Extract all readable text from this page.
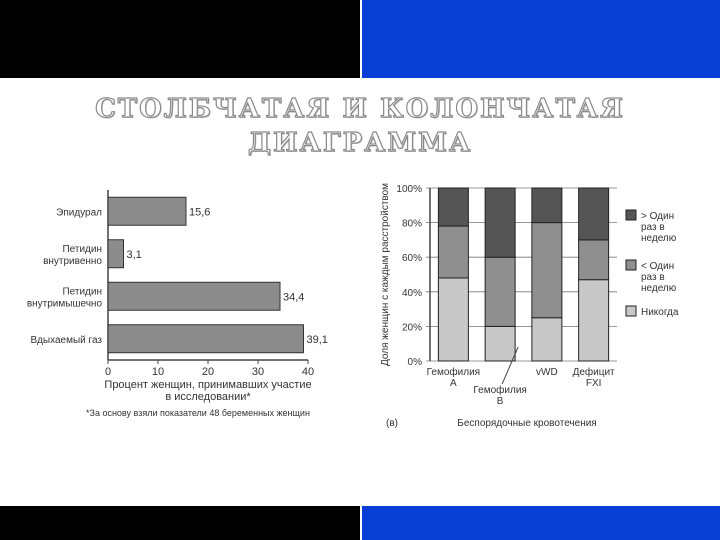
СТОЛБЧАТАЯ И КОЛОНЧАТАЯ
ДИАГРАММА
15,6
Эпидурал
3,1
Петидин
внутривенно
34,4
Петидин
внутримышечно
39,1
Вдыхаемый газ
0	10	20	30	40
Процент женщин, принимавших участие
в исследовании*
*За основу взяли показатели 48 беременных женщин
Доля женщин с каждым расстройством 0%
20%
40%
60%
80%
100%
Гемофилия
A
Гемофилия
B
vWD Дефицит
FXI
(в)	Беспорядочные кровотечения
> Один
раз в
неделю
< Один
раз в
неделю
Никогда
